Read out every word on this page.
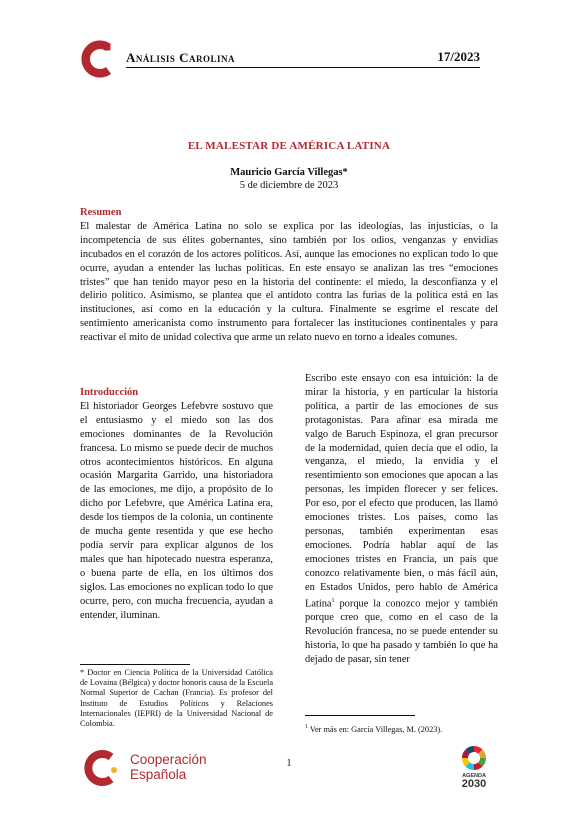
Análisis Carolina	17/2023
EL MALESTAR DE AMÉRICA LATINA
Mauricio García Villegas*
5 de diciembre de 2023
Resumen

El malestar de América Latina no solo se explica por las ideologías, las injusticias, o la incompetencia de sus élites gobernantes, sino también por los odios, venganzas y envidias incubados en el corazón de los actores políticos. Así, aunque las emociones no explican todo lo que ocurre, ayudan a entender las luchas políticas. En este ensayo se analizan las tres “emociones tristes” que han tenido mayor peso en la historia del continente: el miedo, la desconfianza y el delirio político. Asimismo, se plantea que el antídoto contra las furias de la política está en las instituciones, así como en la educación y la cultura. Finalmente se esgrime el rescate del sentimiento americanista como instrumento para fortalecer las instituciones continentales y para reactivar el mito de unidad colectiva que arme un relato nuevo en torno a ideales comunes.

Introducción

El historiador Georges Lefebvre sostuvo que el entusiasmo y el miedo son las dos emociones dominantes de la Revolución francesa. Lo mismo se puede decir de muchos otros acontecimientos históricos. En alguna ocasión Margarita Garrido, una historiadora de las emociones, me dijo, a propósito de lo dicho por Lefebvre, que América Latina era, desde los tiempos de la colonia, un continente de mucha gente resentida y que ese hecho podía servir para explicar algunos de los males que han hipotecado nuestra esperanza, o buena parte de ella, en los últimos dos siglos. Las emociones no explican todo lo que ocurre, pero, con mucha frecuencia, ayudan a entender, iluminan.

Escribo este ensayo con esa intuición: la de mirar la historia, y en particular la historia política, a partir de las emociones de sus protagonistas. Para afinar esa mirada me valgo de Baruch Espinoza, el gran precursor de la modernidad, quien decía que el odio, la venganza, el miedo, la envidia y el resentimiento son emociones que apocan a las personas, les impiden florecer y ser felices. Por eso, por el efecto que producen, las llamó emociones tristes. Los países, como las personas, también experimentan esas emociones. Podría hablar aquí de las emociones tristes en Francia, un país que conozco relativamente bien, o más fácil aún, en Estados Unidos, pero hablo de América Latina$^1$ porque la conozco mejor y también porque creo que, como en el caso de la Revolución francesa, no se puede entender su historia, lo que ha pasado y también lo que ha dejado de pasar, sin tener

* Doctor en Ciencia Política de la Universidad Católica de Lovaina (Bélgica) y doctor honoris causa de la Escuela Normal Superior de Cachan (Francia). Es profesor del Instituto de Estudios Políticos y Relaciones Internacionales (IEPRI) de la Universidad Nacional de Colombia.	$^1$ Ver más en: García Villegas, M. (2023).
1
Cooperación
Española	AGENDA
2030
